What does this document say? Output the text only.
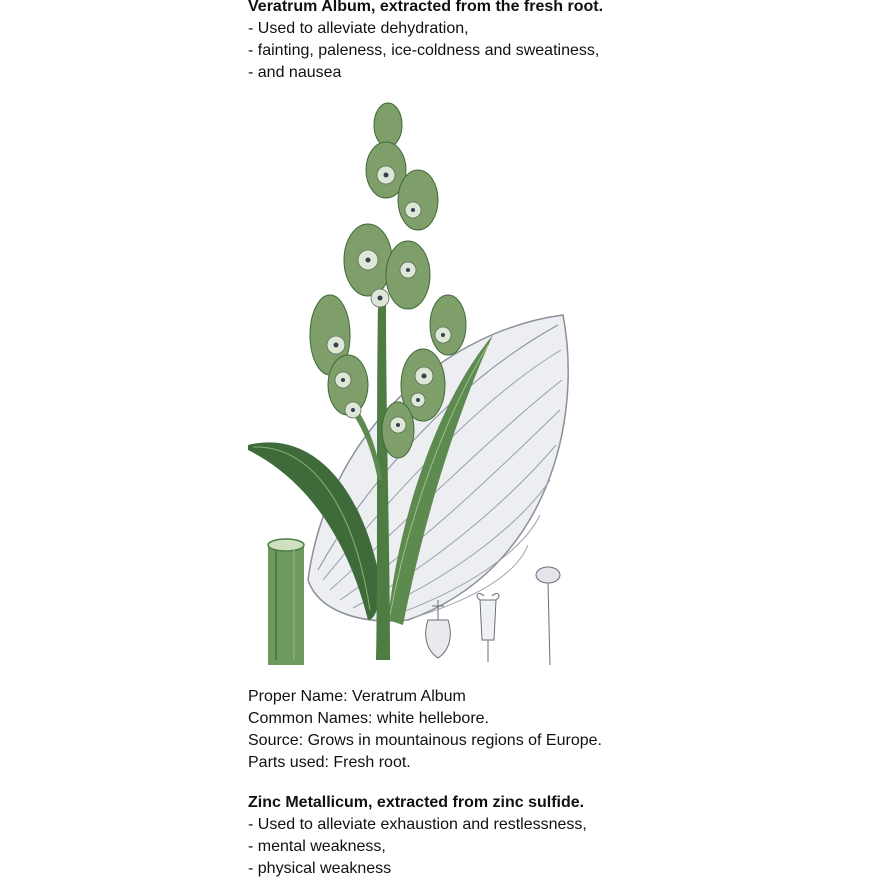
Veratrum Album, extracted from the fresh root.
- Used to alleviate dehydration,
- fainting, paleness, ice-coldness and sweatiness,
- and nausea
Proper Name: Veratrum Album
Common Names: white hellebore.
Source: Grows in mountainous regions of Europe.
Parts used: Fresh root.
Zinc Metallicum, extracted from zinc sulfide.
- Used to alleviate exhaustion and restlessness,
- mental weakness,
- physical weakness
